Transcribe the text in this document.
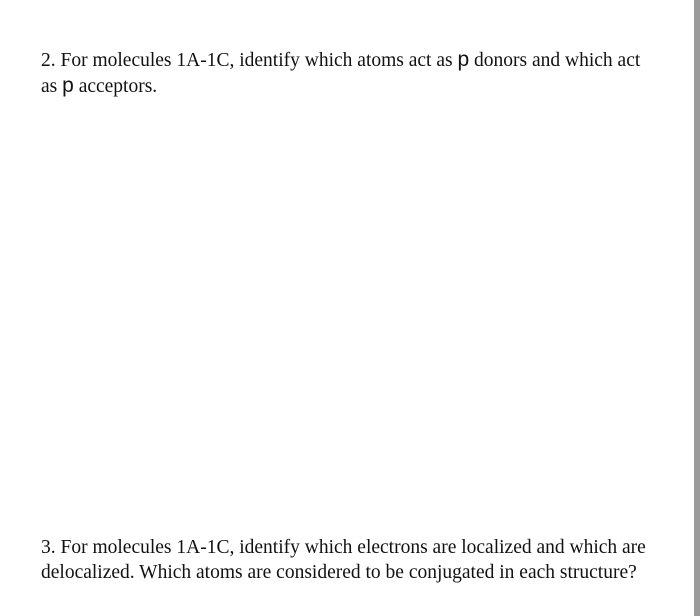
2. For molecules 1A-1C, identify which atoms act as p donors and which act as p acceptors.

3. For molecules 1A-1C, identify which electrons are localized and which are delocalized. Which atoms are considered to be conjugated in each structure?
